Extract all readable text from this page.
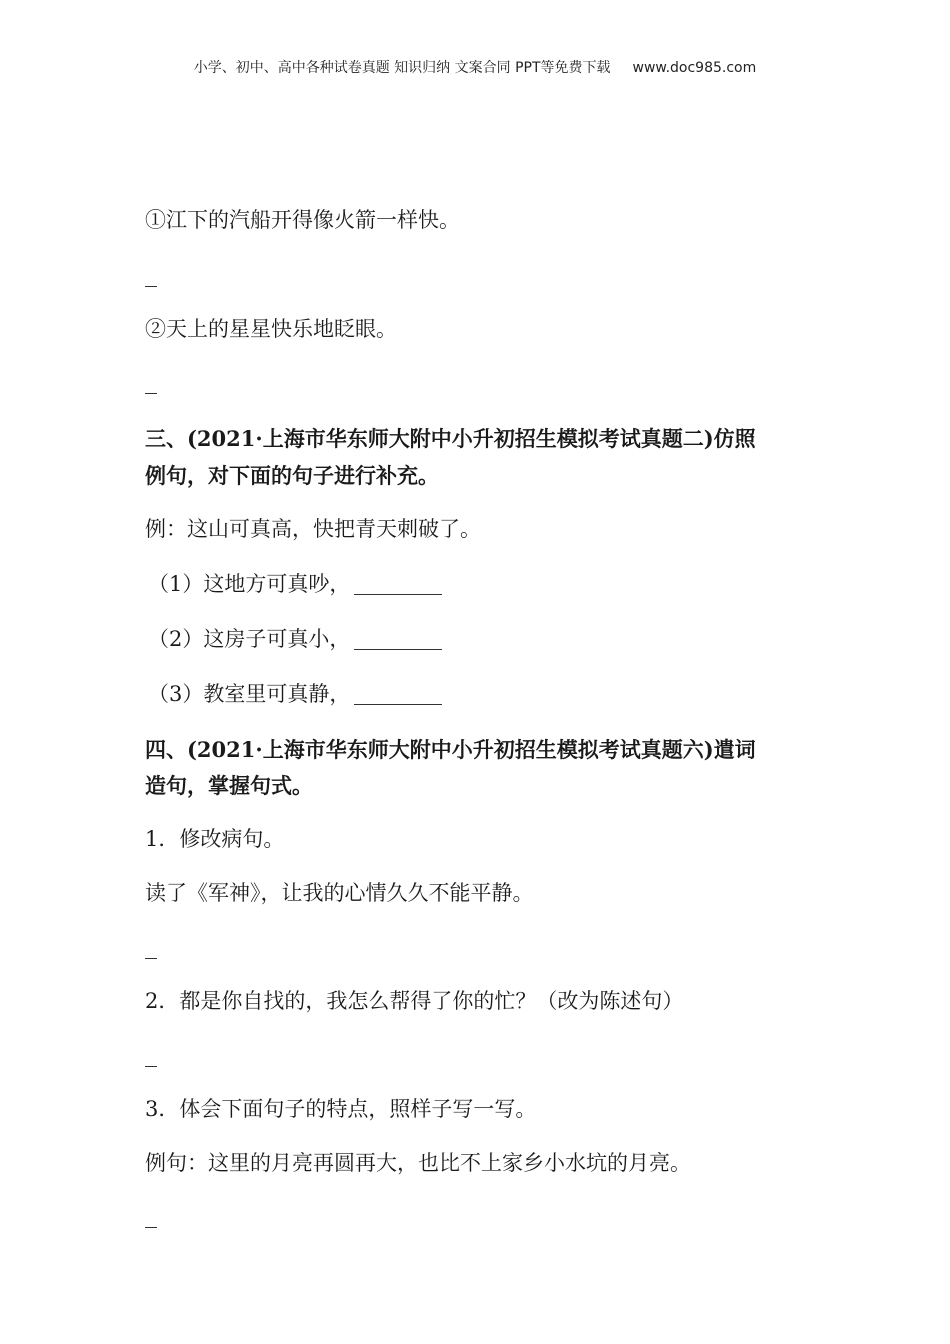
小学、初中、高中各种试卷真题 知识归纳 文案合同 PPT等免费下载 www.doc985.com
①江下的汽船开得像火箭一样快。
②天上的星星快乐地眨眼。
三、(2021·上海市华东师大附中小升初招生模拟考试真题二)仿照
例句，对下面的句子进行补充。
例：这山可真高，快把青天刺破了。
（1）这地方可真吵，
（2）这房子可真小，
（3）教室里可真静，
四、(2021·上海市华东师大附中小升初招生模拟考试真题六)遣词
造句，掌握句式。
1．修改病句。
读了《军神》，让我的心情久久不能平静。
2．都是你自找的，我怎么帮得了你的忙？（改为陈述句）
3．体会下面句子的特点，照样子写一写。
例句：这里的月亮再圆再大，也比不上家乡小水坑的月亮。
